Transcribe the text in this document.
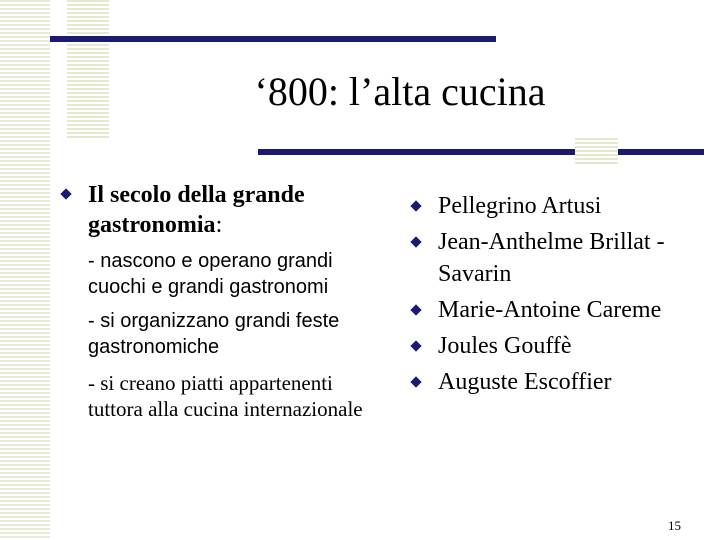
‘800: l’alta cucina
Il secolo della grande gastronomia:
- nascono e operano grandi cuochi e grandi gastronomi
- si organizzano grandi feste gastronomiche
- si creano piatti appartenenti tuttora alla cucina internazionale
Pellegrino Artusi
Jean-Anthelme Brillat -Savarin
Marie-Antoine Careme
Joules Gouffè
Auguste Escoffier
15
